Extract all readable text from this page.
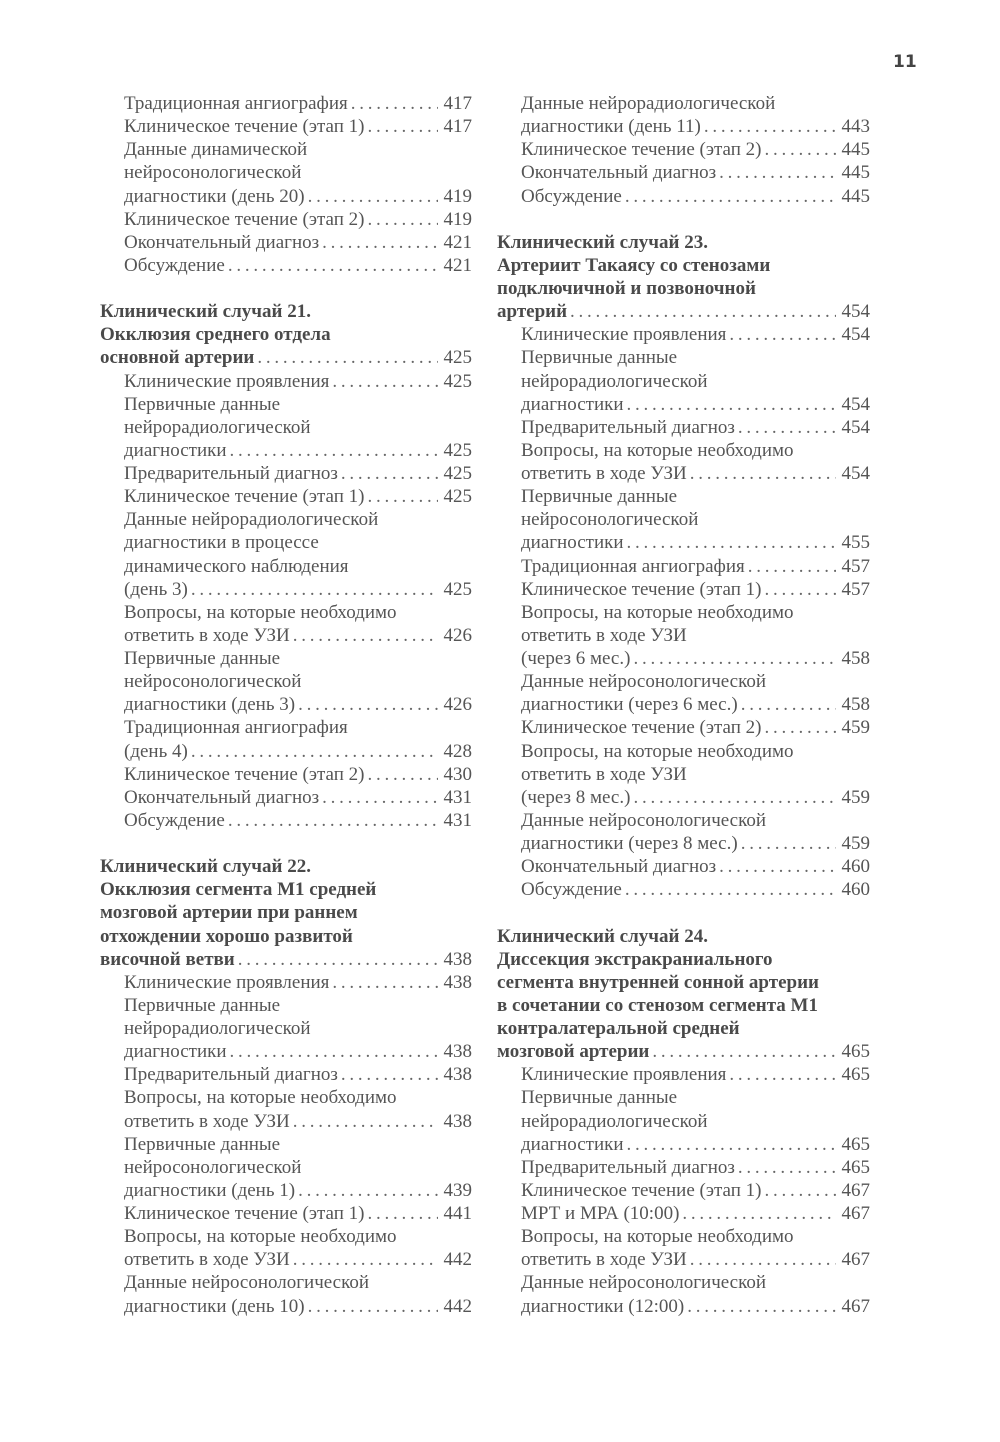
11
Традиционная ангиография . . .	417
Клиническое течение (этап 1) . . .	417
Данные динамической
нейросонологической
диагностики (день 20) . . .	419
Клиническое течение (этап 2) . . .	419
Окончательный диагноз . . .	421
Обсуждение . . .	421
Клинический случай 21.
Окклюзия среднего отдела
основной артерии . . .	425
Клинические проявления . . .	425
Первичные данные
нейрорадиологической
диагностики . . .	425
Предварительный диагноз . . .	425
Клиническое течение (этап 1) . . .	425
Данные нейрорадиологической
диагностики в процессе
динамического наблюдения
(день 3) . . .	425
Вопросы, на которые необходимо
ответить в ходе УЗИ . . .	426
Первичные данные
нейросонологической
диагностики (день 3) . . .	426
Традиционная ангиография
(день 4) . . .	428
Клиническое течение (этап 2) . . .	430
Окончательный диагноз . . .	431
Обсуждение . . .	431
Клинический случай 22.
Окклюзия сегмента М1 средней
мозговой артерии при раннем
отхождении хорошо развитой
височной ветви . . .	438
Клинические проявления . . .	438
Первичные данные
нейрорадиологической
диагностики . . .	438
Предварительный диагноз . . .	438
Вопросы, на которые необходимо
ответить в ходе УЗИ . . .	438
Первичные данные
нейросонологической
диагностики (день 1) . . .	439
Клиническое течение (этап 1) . . .	441
Вопросы, на которые необходимо
ответить в ходе УЗИ . . .	442
Данные нейросонологической
диагностики (день 10) . . .	442
Данные нейрорадиологической
диагностики (день 11) . . .	443
Клиническое течение (этап 2) . . .	445
Окончательный диагноз . . .	445
Обсуждение . . .	445
Клинический случай 23.
Артериит Такаясу со стенозами
подключичной и позвоночной
артерий . . .	454
Клинические проявления . . .	454
Первичные данные
нейрорадиологической
диагностики . . .	454
Предварительный диагноз . . .	454
Вопросы, на которые необходимо
ответить в ходе УЗИ . . .	454
Первичные данные
нейросонологической
диагностики . . .	455
Традиционная ангиография . . .	457
Клиническое течение (этап 1) . . .	457
Вопросы, на которые необходимо
ответить в ходе УЗИ
(через 6 мес.) . . .	458
Данные нейросонологической
диагностики (через 6 мес.) . . .	458
Клиническое течение (этап 2) . . .	459
Вопросы, на которые необходимо
ответить в ходе УЗИ
(через 8 мес.) . . .	459
Данные нейросонологической
диагностики (через 8 мес.) . . .	459
Окончательный диагноз . . .	460
Обсуждение . . .	460
Клинический случай 24.
Диссекция экстракраниального
сегмента внутренней сонной артерии
в сочетании со стенозом сегмента М1
контралатеральной средней
мозговой артерии . . .	465
Клинические проявления . . .	465
Первичные данные
нейрорадиологической
диагностики . . .	465
Предварительный диагноз . . .	465
Клиническое течение (этап 1) . . .	467
МРТ и МРА (10:00) . . .	467
Вопросы, на которые необходимо
ответить в ходе УЗИ . . .	467
Данные нейросонологической
диагностики (12:00) . . .	467
